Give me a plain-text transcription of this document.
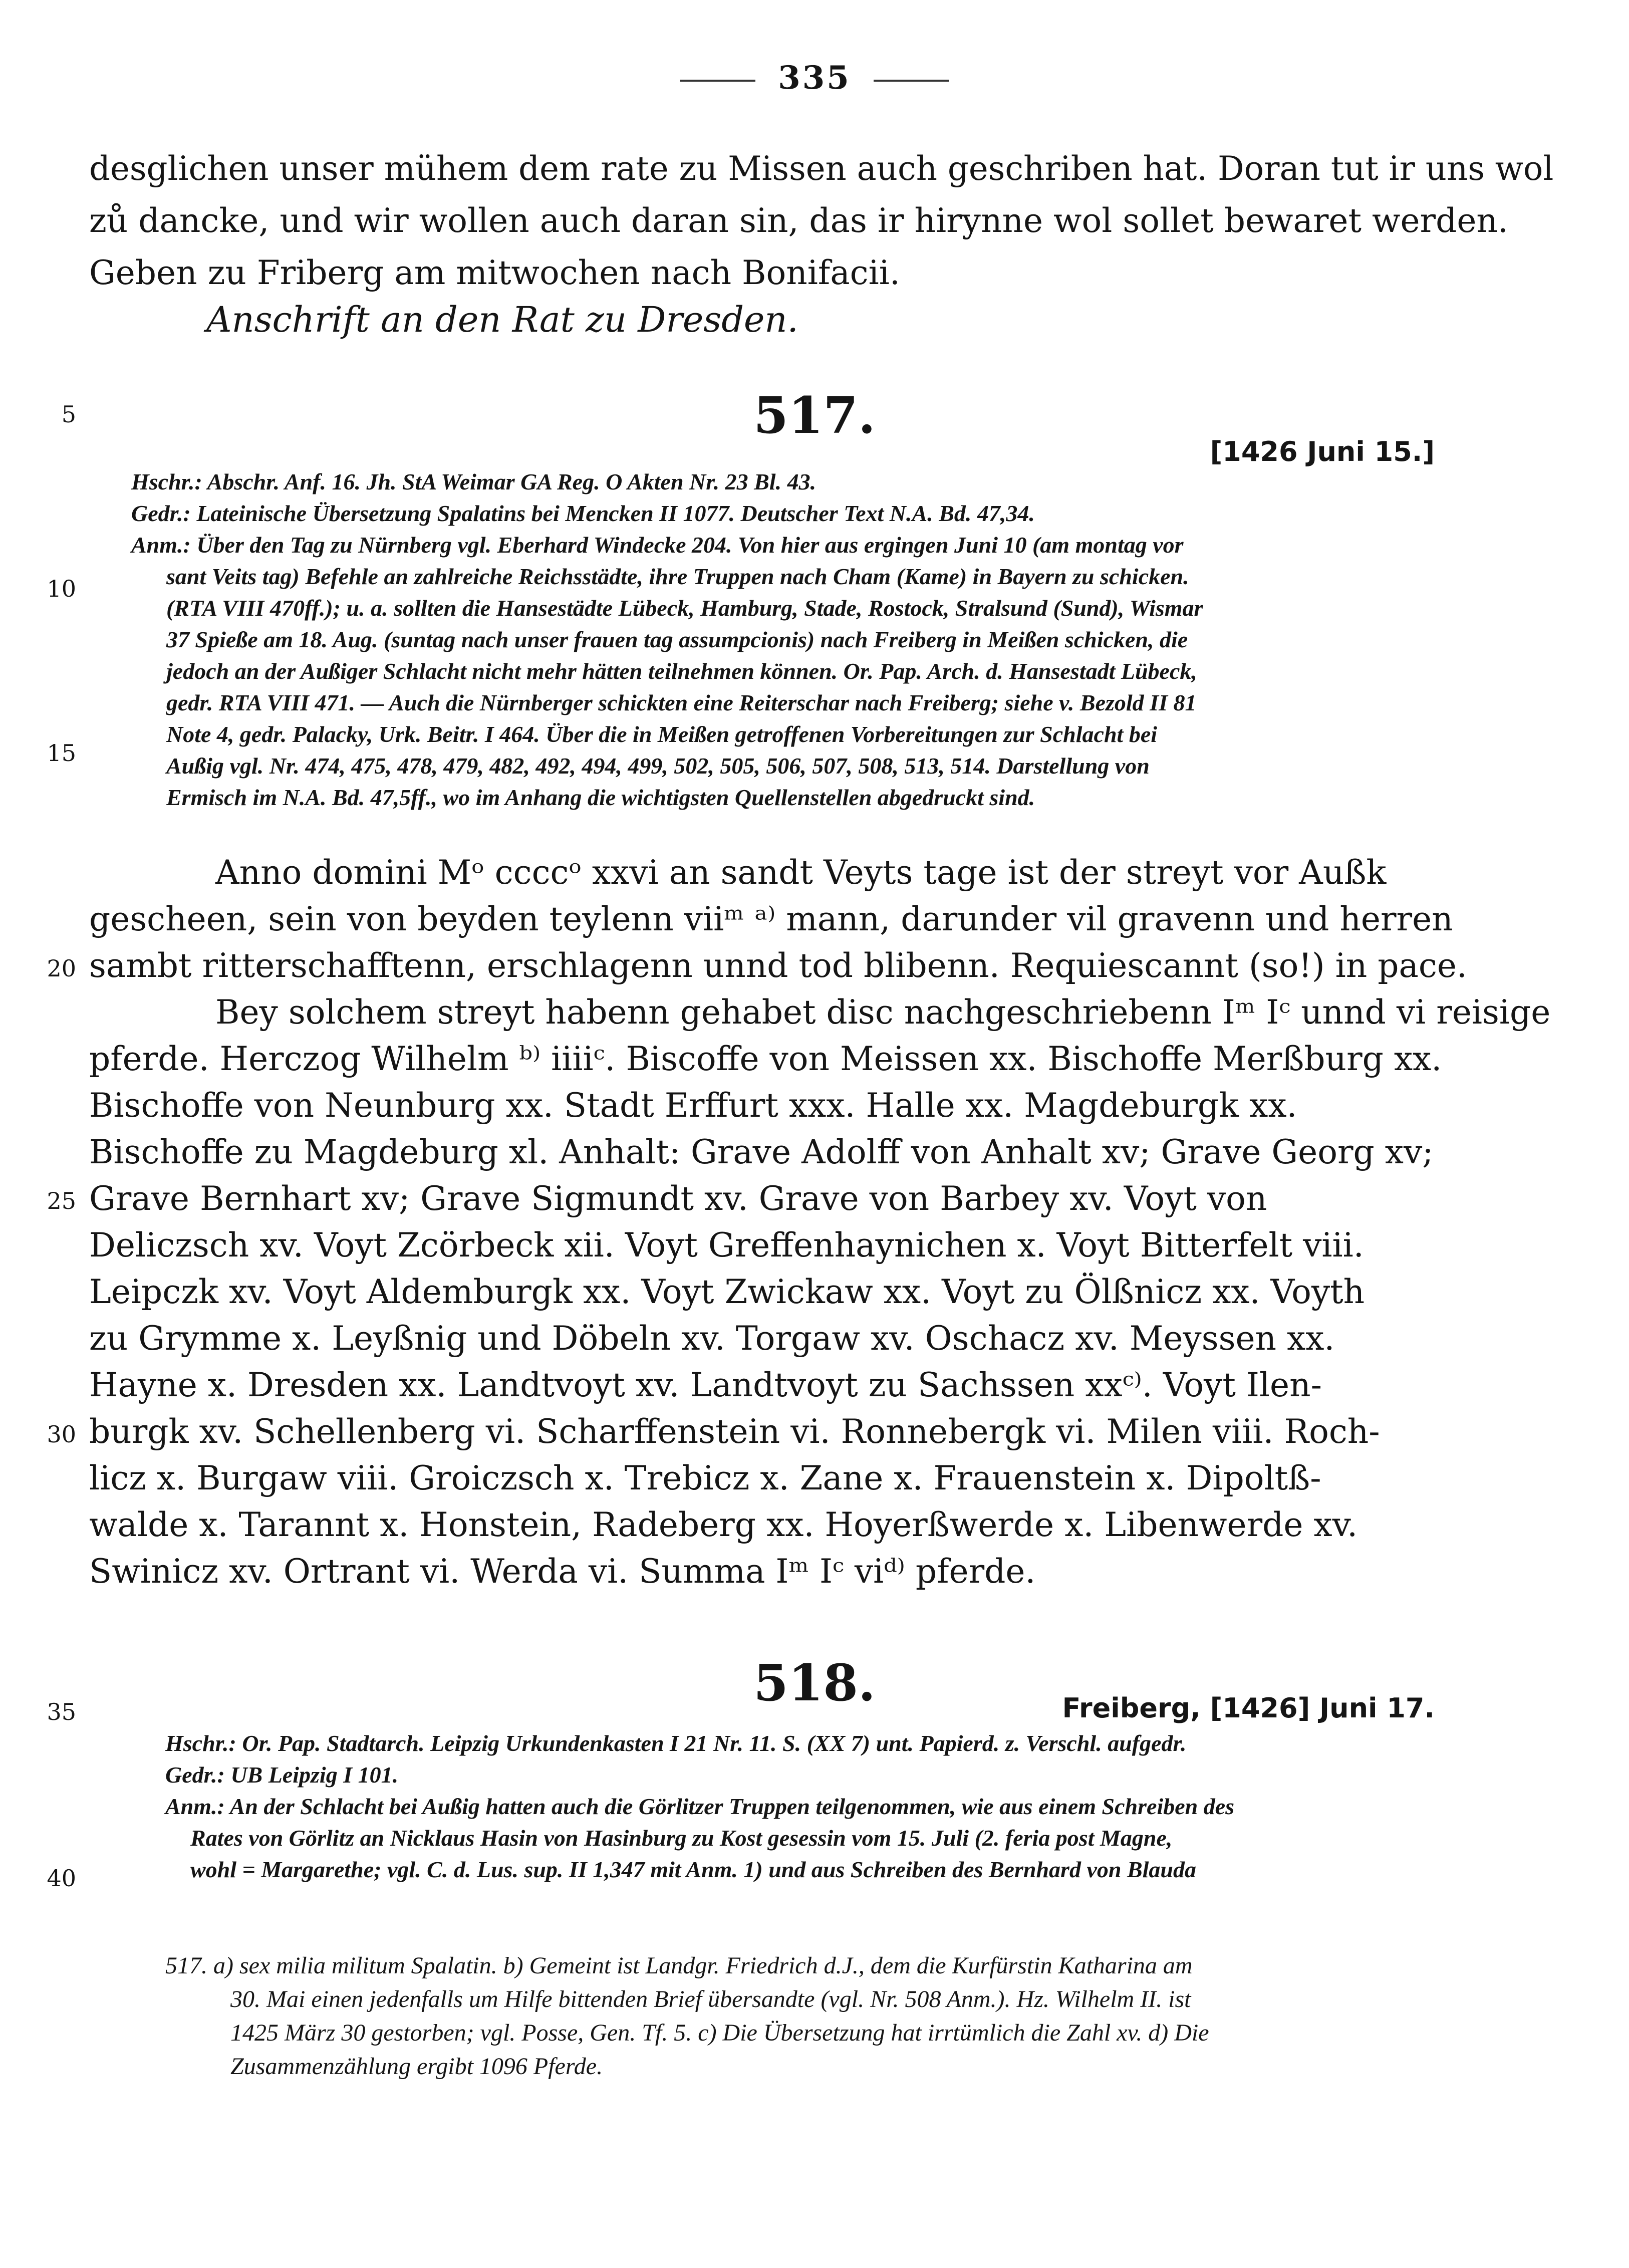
335

desglichen unser mühem dem rate zu Missen auch geschriben hat. Doran tut ir uns wol

zů dancke, und wir wollen auch daran sin, das ir hirynne wol sollet bewaret werden.

Geben zu Friberg am mitwochen nach Bonifacii.

Anschrift an den Rat zu Dresden.

517.

[1426 Juni 15.]

Hschr.: Abschr. Anf. 16. Jh. StA Weimar GA Reg. O Akten Nr. 23 Bl. 43.

Gedr.: Lateinische Übersetzung Spalatins bei Mencken II 1077. Deutscher Text N.A. Bd. 47,34.

Anm.: Über den Tag zu Nürnberg vgl. Eberhard Windecke 204. Von hier aus ergingen Juni 10 (am montag vor

sant Veits tag) Befehle an zahlreiche Reichsstädte, ihre Truppen nach Cham (Kame) in Bayern zu schicken.

(RTA VIII 470ff.); u. a. sollten die Hansestädte Lübeck, Hamburg, Stade, Rostock, Stralsund (Sund), Wismar

37 Spieße am 18. Aug. (suntag nach unser frauen tag assumpcionis) nach Freiberg in Meißen schicken, die

jedoch an der Außiger Schlacht nicht mehr hätten teilnehmen können. Or. Pap. Arch. d. Hansestadt Lübeck,

gedr. RTA VIII 471. — Auch die Nürnberger schickten eine Reiterschar nach Freiberg; siehe v. Bezold II 81

Note 4, gedr. Palacky, Urk. Beitr. I 464. Über die in Meißen getroffenen Vorbereitungen zur Schlacht bei

Außig vgl. Nr. 474, 475, 478, 479, 482, 492, 494, 499, 502, 505, 506, 507, 508, 513, 514. Darstellung von

Ermisch im N.A. Bd. 47,5ff., wo im Anhang die wichtigsten Quellenstellen abgedruckt sind.

Anno domini Mᵒ ccccᵒ xxvi an sandt Veyts tage ist der streyt vor Außk

gescheen, sein von beyden teylenn viiᵐ ᵃ⁾ mann, darunder vil gravenn und herren

sambt ritterschafftenn, erschlagenn unnd tod blibenn. Requiescannt (so!) in pace.

Bey solchem streyt habenn gehabet disc nachgeschriebenn Iᵐ Iᶜ unnd vi reisige

pferde. Herczog Wilhelm ᵇ⁾ iiiiᶜ. Biscoffe von Meissen xx. Bischoffe Merßburg xx.

Bischoffe von Neunburg xx. Stadt Erffurt xxx. Halle xx. Magdeburgk xx.

Bischoffe zu Magdeburg xl. Anhalt: Grave Adolff von Anhalt xv; Grave Georg xv;

Grave Bernhart xv; Grave Sigmundt xv. Grave von Barbey xv. Voyt von

Deliczsch xv. Voyt Zcörbeck xii. Voyt Greffenhaynichen x. Voyt Bitterfelt viii.

Leipczk xv. Voyt Aldemburgk xx. Voyt Zwickaw xx. Voyt zu Ölßnicz xx. Voyth

zu Grymme x. Leyßnig und Döbeln xv. Torgaw xv. Oschacz xv. Meyssen xx.

Hayne x. Dresden xx. Landtvoyt xv. Landtvoyt zu Sachssen xxᶜ⁾. Voyt Ilen-

burgk xv. Schellenberg vi. Scharffenstein vi. Ronnebergk vi. Milen viii. Roch-

licz x. Burgaw viii. Groiczsch x. Trebicz x. Zane x. Frauenstein x. Dipoltß-

walde x. Tarannt x. Honstein, Radeberg xx. Hoyerßwerde x. Libenwerde xv.

Swinicz xv. Ortrant vi. Werda vi. Summa Iᵐ Iᶜ viᵈ⁾ pferde.

518.	Freiberg, [1426] Juni 17.

Hschr.: Or. Pap. Stadtarch. Leipzig Urkundenkasten I 21 Nr. 11. S. (XX 7) unt. Papierd. z. Verschl. aufgedr.

Gedr.: UB Leipzig I 101.

Anm.: An der Schlacht bei Außig hatten auch die Görlitzer Truppen teilgenommen, wie aus einem Schreiben des

Rates von Görlitz an Nicklaus Hasin von Hasinburg zu Kost gesessin vom 15. Juli (2. feria post Magne,

wohl = Margarethe; vgl. C. d. Lus. sup. II 1,347 mit Anm. 1) und aus Schreiben des Bernhard von Blauda

5

10

15

20

25

30

35

40

517. a) sex milia militum Spalatin. b) Gemeint ist Landgr. Friedrich d.J., dem die Kurfürstin Katharina am

30. Mai einen jedenfalls um Hilfe bittenden Brief übersandte (vgl. Nr. 508 Anm.). Hz. Wilhelm II. ist

1425 März 30 gestorben; vgl. Posse, Gen. Tf. 5. c) Die Übersetzung hat irrtümlich die Zahl xv. d) Die

Zusammenzählung ergibt 1096 Pferde.
